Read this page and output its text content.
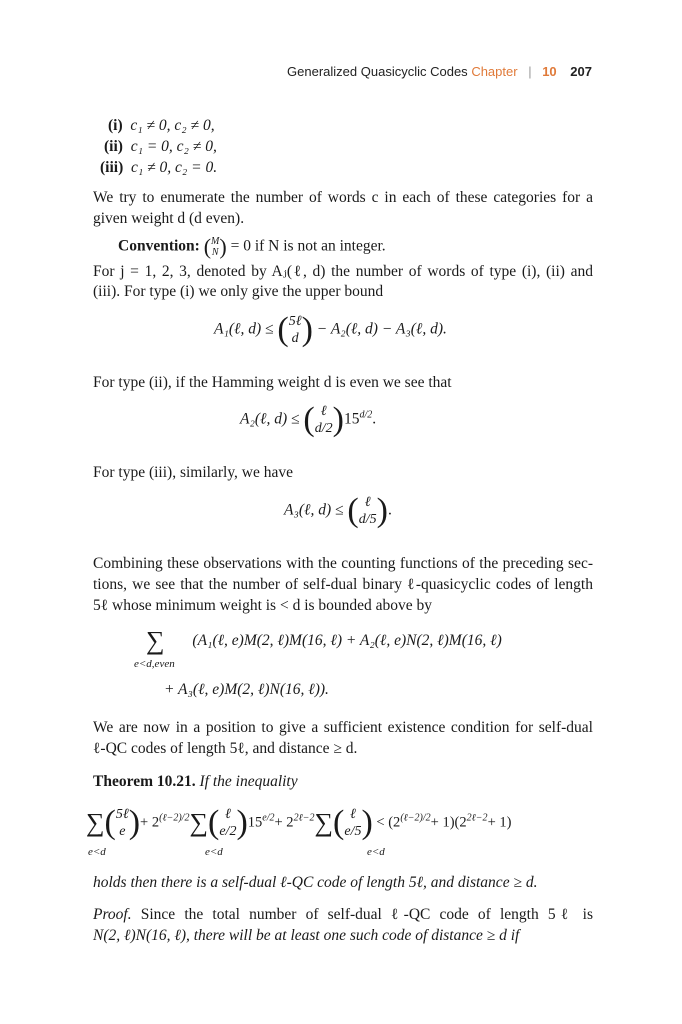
Generalized Quasicyclic Codes Chapter | 10 207
(i) c₁ ≠ 0, c₂ ≠ 0,
(ii) c₁ = 0, c₂ ≠ 0,
(iii) c₁ ≠ 0, c₂ = 0.
We try to enumerate the number of words c in each of these categories for a
given weight d (d even).
Convention: ( M
N ) = 0 if N is not an integer.
For j = 1, 2, 3, denoted by Aⱼ(ℓ, d) the number of words of type (i), (ii) and
(iii). For type (i) we only give the upper bound
A₁(ℓ, d) ≤ ( 5ℓ
d ) − A₂(ℓ, d) − A₃(ℓ, d).
For type (ii), if the Hamming weight d is even we see that
A₂(ℓ, d) ≤ ( ℓ
d/2 )$15^{d/2}$.
For type (iii), similarly, we have
A₃(ℓ, d) ≤ ( ℓ
d/5 ).
Combining these observations with the counting functions of the preceding sec-
tions, we see that the number of self-dual binary ℓ-quasicyclic codes of length
5ℓ whose minimum weight is < d is bounded above by
∑ (A₁(ℓ, e)M(2, ℓ)M(16, ℓ) + A₂(ℓ, e)N(2, ℓ)M(16, ℓ)
e<d,even
+ A₃(ℓ, e)M(2, ℓ)N(16, ℓ)).
We are now in a position to give a sufficient existence condition for self-dual
ℓ-QC codes of length 5ℓ, and distance ≥ d.
Theorem 10.21. If the inequality
∑( 5ℓ
e )+ $2^{(\ell-2)/2}\sum$( ℓ
e/2 )$15^{e/2}+ 2^{2\ell-2}\sum$( ℓ
e/5 ) < $(2^{(\ell-2)/2}+ 1)(2^{2\ell-2}+ 1)$
e<d	e<d	e<d
holds then there is a self-dual ℓ-QC code of length 5ℓ, and distance ≥ d.
Proof. Since the total number of self-dual ℓ-QC code of length 5ℓ is
N(2, ℓ)N(16, ℓ), there will be at least one such code of distance ≥ d if
